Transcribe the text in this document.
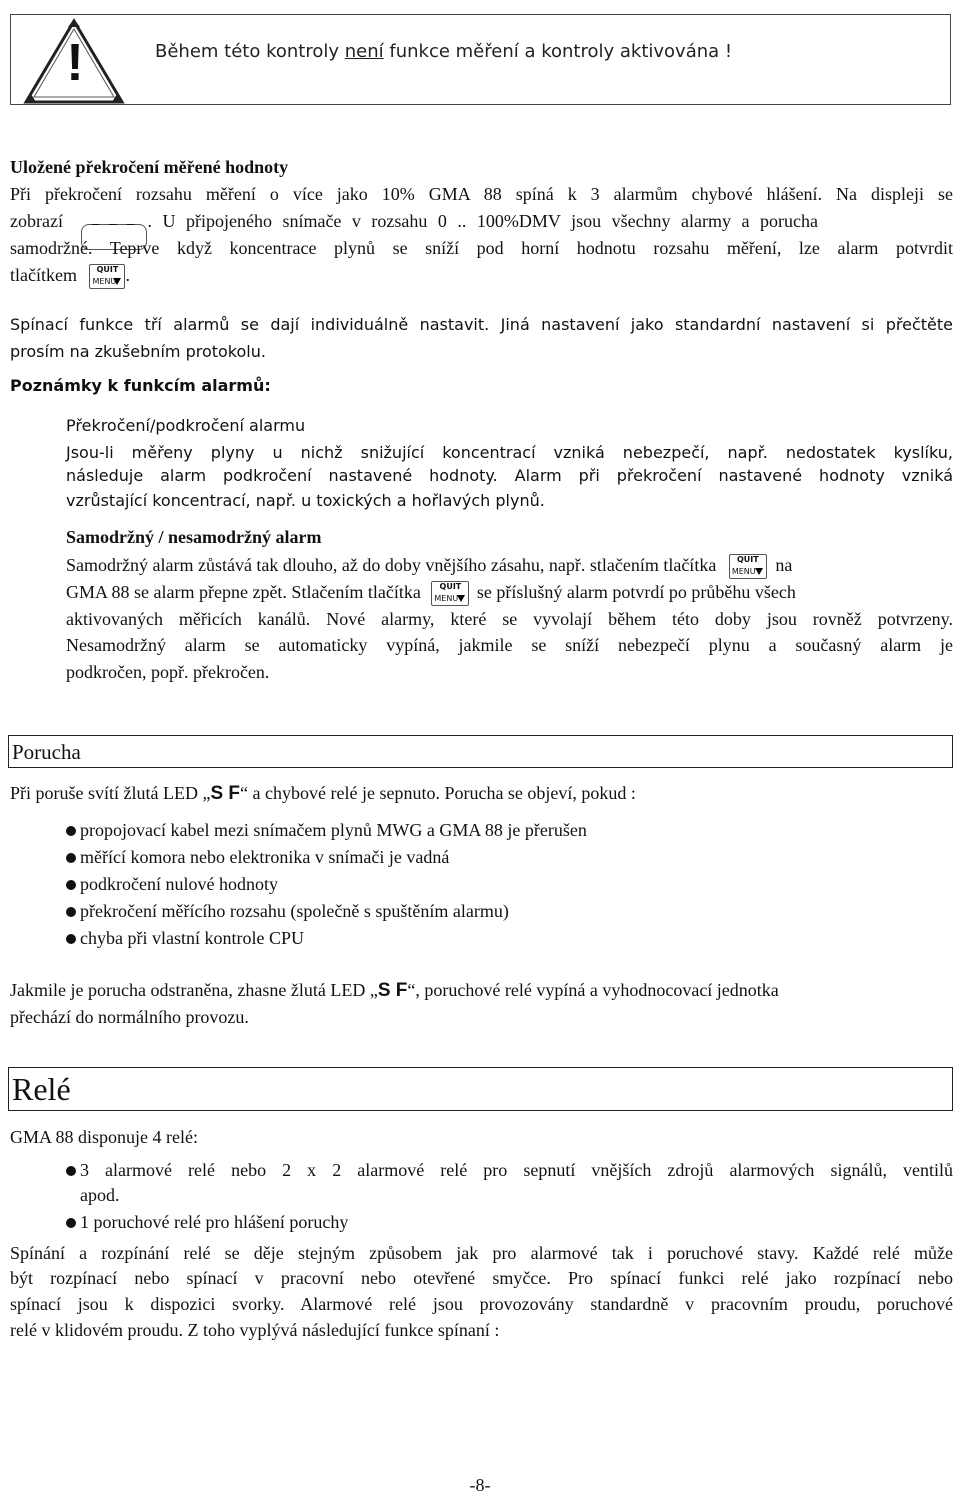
!	Během této kontroly není funkce měření a kontroly aktivována !
Uložené překročení měřené hodnoty
Při překročení rozsahu měření o více jako 10% GMA 88 spíná k 3 alarmům chybové hlášení. Na displeji se
zobrazí ‾ ‾ ‾ . U připojeného snímače v rozsahu 0 .. 100%DMV jsou všechny alarmy a porucha
samodržné. Teprve když koncentrace plynů se sníží pod horní hodnotu rozsahu měření, lze alarm potvrdit
tlačítkem	QUIT
MENU .
Spínací funkce tří alarmů se dají individuálně nastavit. Jiná nastavení jako standardní nastavení si přečtěte
prosím na zkušebním protokolu.
Poznámky k funkcím alarmů:
Překročení/podkročení alarmu
Jsou-li měřeny plyny u nichž snižující koncentrací vzniká nebezpečí, např. nedostatek kyslíku,
následuje alarm podkročení nastavené hodnoty. Alarm při překročení nastavené hodnoty vzniká
vzrůstající koncentrací, např. u toxických a hořlavých plynů.
Samodržný / nesamodržný alarm
Samodržný alarm zůstává tak dlouho, až do doby vnějšího zásahu, např. stlačením tlačítka	QUIT
MENU na
GMA 88 se alarm přepne zpět. Stlačením tlačítka	QUIT
MENU se příslušný alarm potvrdí po průběhu všech
aktivovaných měřicích kanálů. Nové alarmy, které se vyvolají během této doby jsou rovněž potvrzeny.
Nesamodržný alarm se automaticky vypíná, jakmile se sníží nebezpečí plynu a současný alarm je
podkročen, popř. překročen.
Porucha
Při poruše svítí žlutá LED „S F“ a chybové relé je sepnuto. Porucha se objeví, pokud :
propojovací kabel mezi snímačem plynů MWG a GMA 88 je přerušen
měřící komora nebo elektronika v snímači je vadná
podkročení nulové hodnoty
překročení měřícího rozsahu (společně s spuštěním alarmu)
chyba při vlastní kontrole CPU
Jakmile je porucha odstraněna, zhasne žlutá LED „S F“, poruchové relé vypíná a vyhodnocovací jednotka
přechází do normálního provozu.
Relé
GMA 88 disponuje 4 relé:
3 alarmové relé nebo 2 x 2 alarmové relé pro sepnutí vnějších zdrojů alarmových signálů, ventilů
apod.
1 poruchové relé pro hlášení poruchy
Spínání a rozpínání relé se děje stejným způsobem jak pro alarmové tak i poruchové stavy. Každé relé může
být rozpínací nebo spínací v pracovní nebo otevřené smyčce. Pro spínací funkci relé jako rozpínací nebo
spínací jsou k dispozici svorky. Alarmové relé jsou provozovány standardně v pracovním proudu, poruchové
relé v klidovém proudu. Z toho vyplývá následující funkce spínaní :
-8-
